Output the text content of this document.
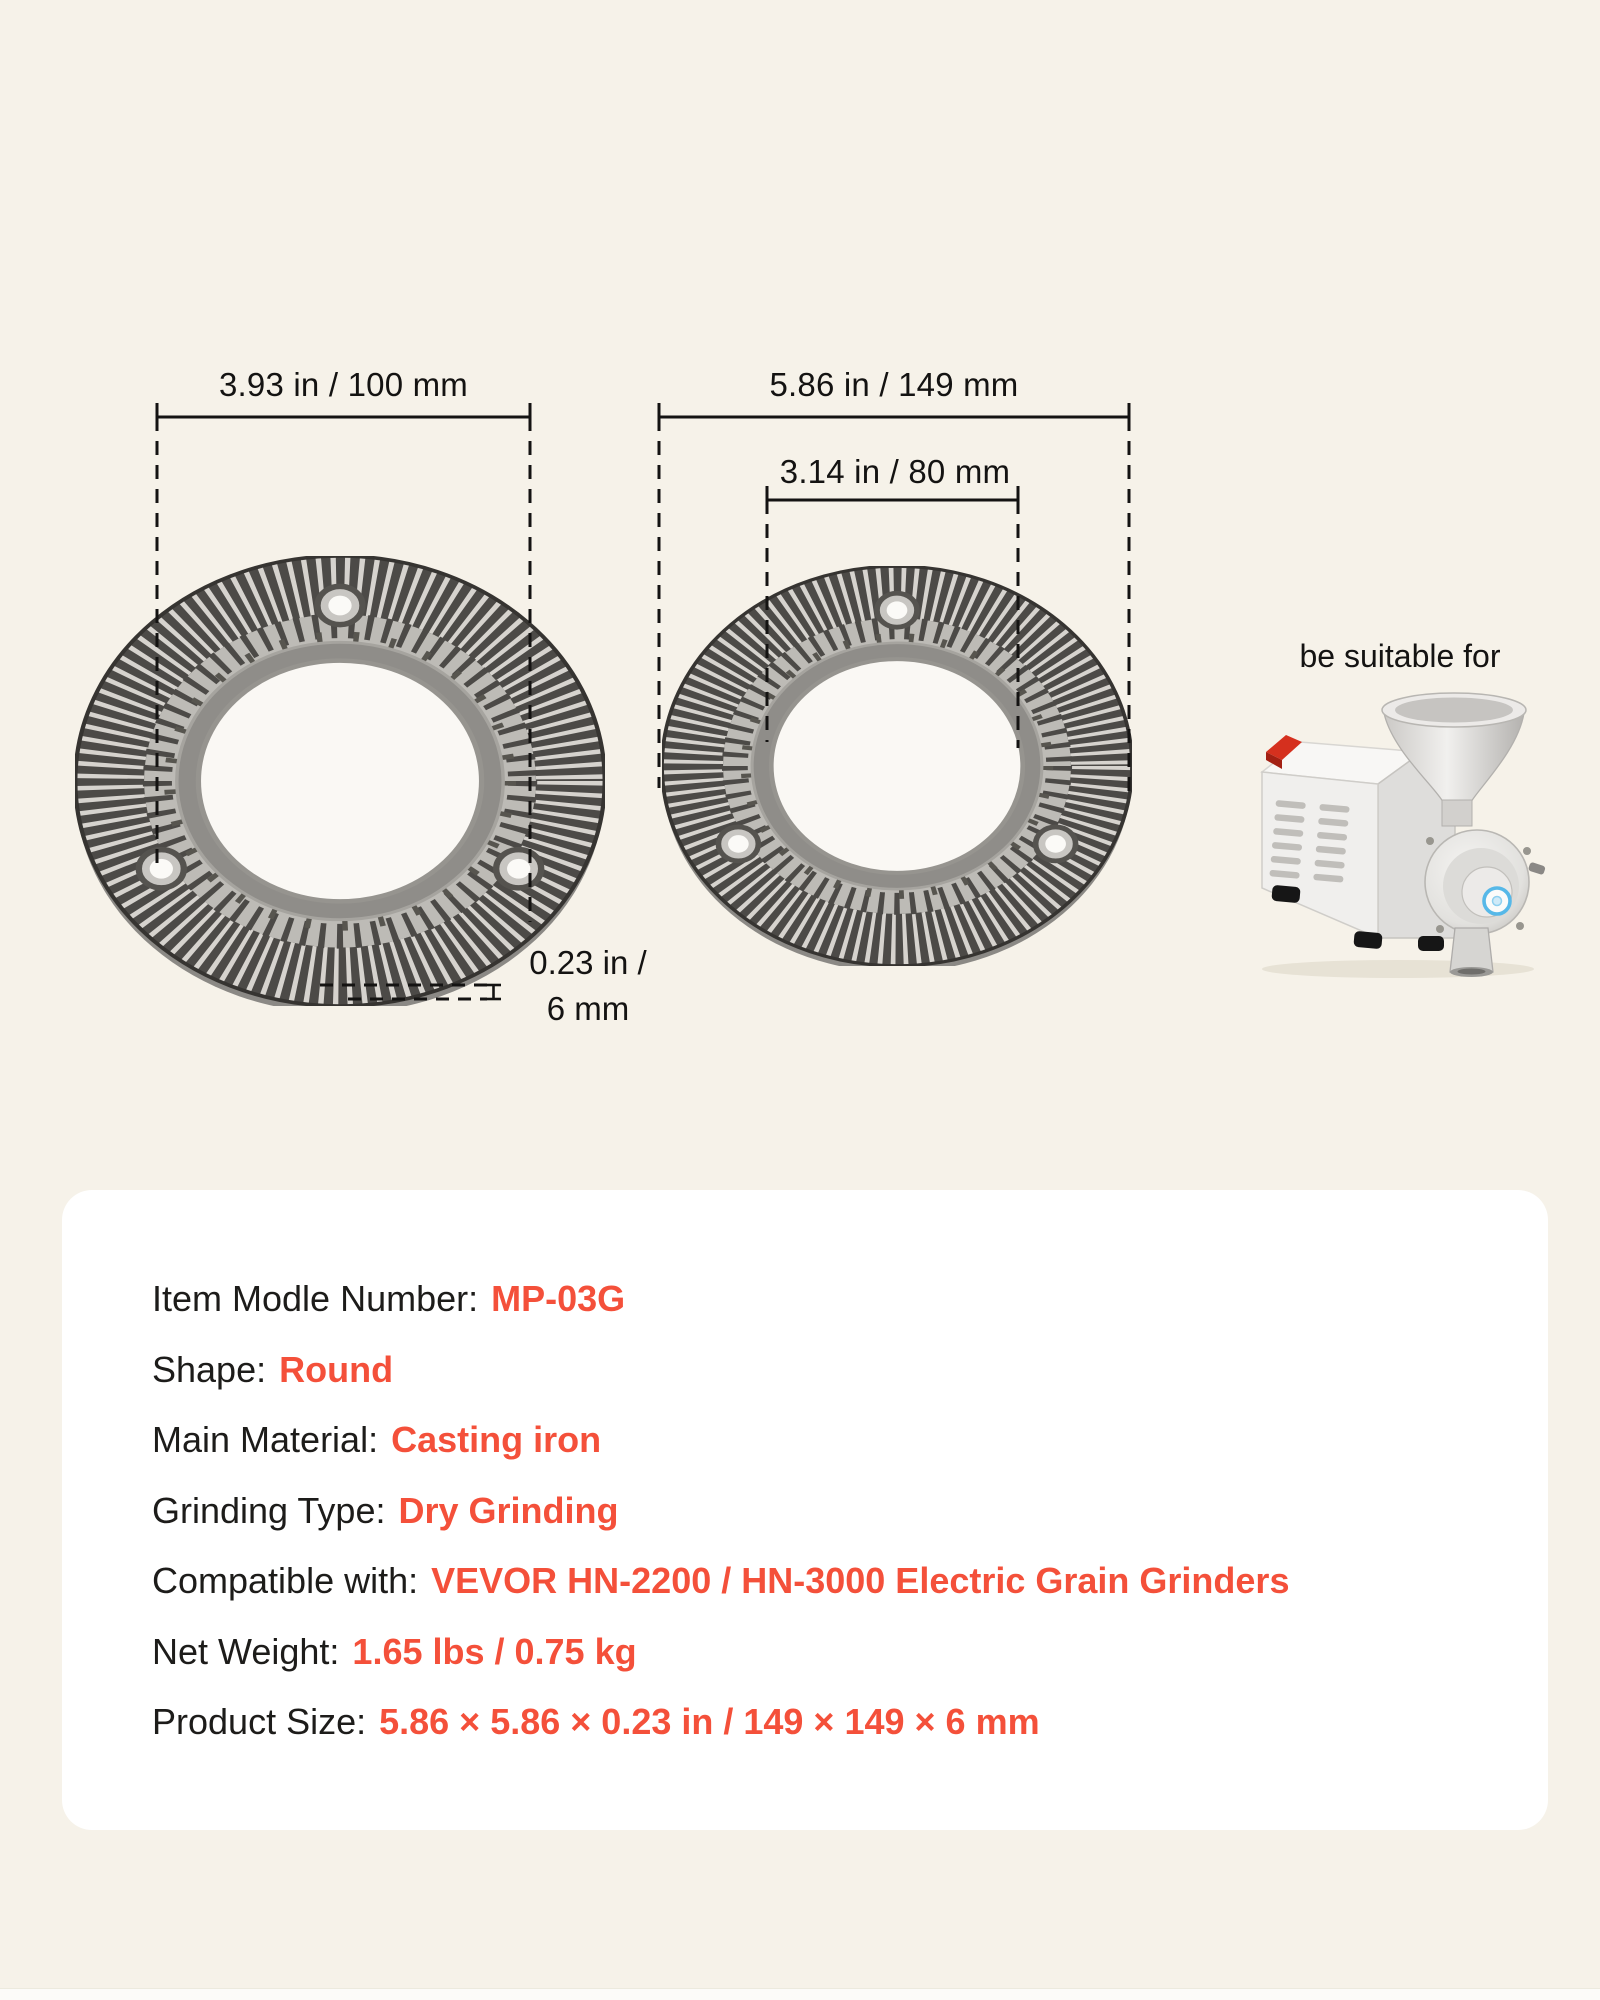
3.93 in / 100 mm	5.86 in / 149 mm
3.14 in / 80 mm
0.23 in /
6 mm
be suitable for
Item Modle Number: MP-03G
Shape: Round
Main Material: Casting iron
Grinding Type: Dry Grinding
Compatible with: VEVOR HN-2200 / HN-3000 Electric Grain Grinders
Net Weight: 1.65 lbs / 0.75 kg
Product Size: 5.86 × 5.86 × 0.23 in / 149 × 149 × 6 mm
